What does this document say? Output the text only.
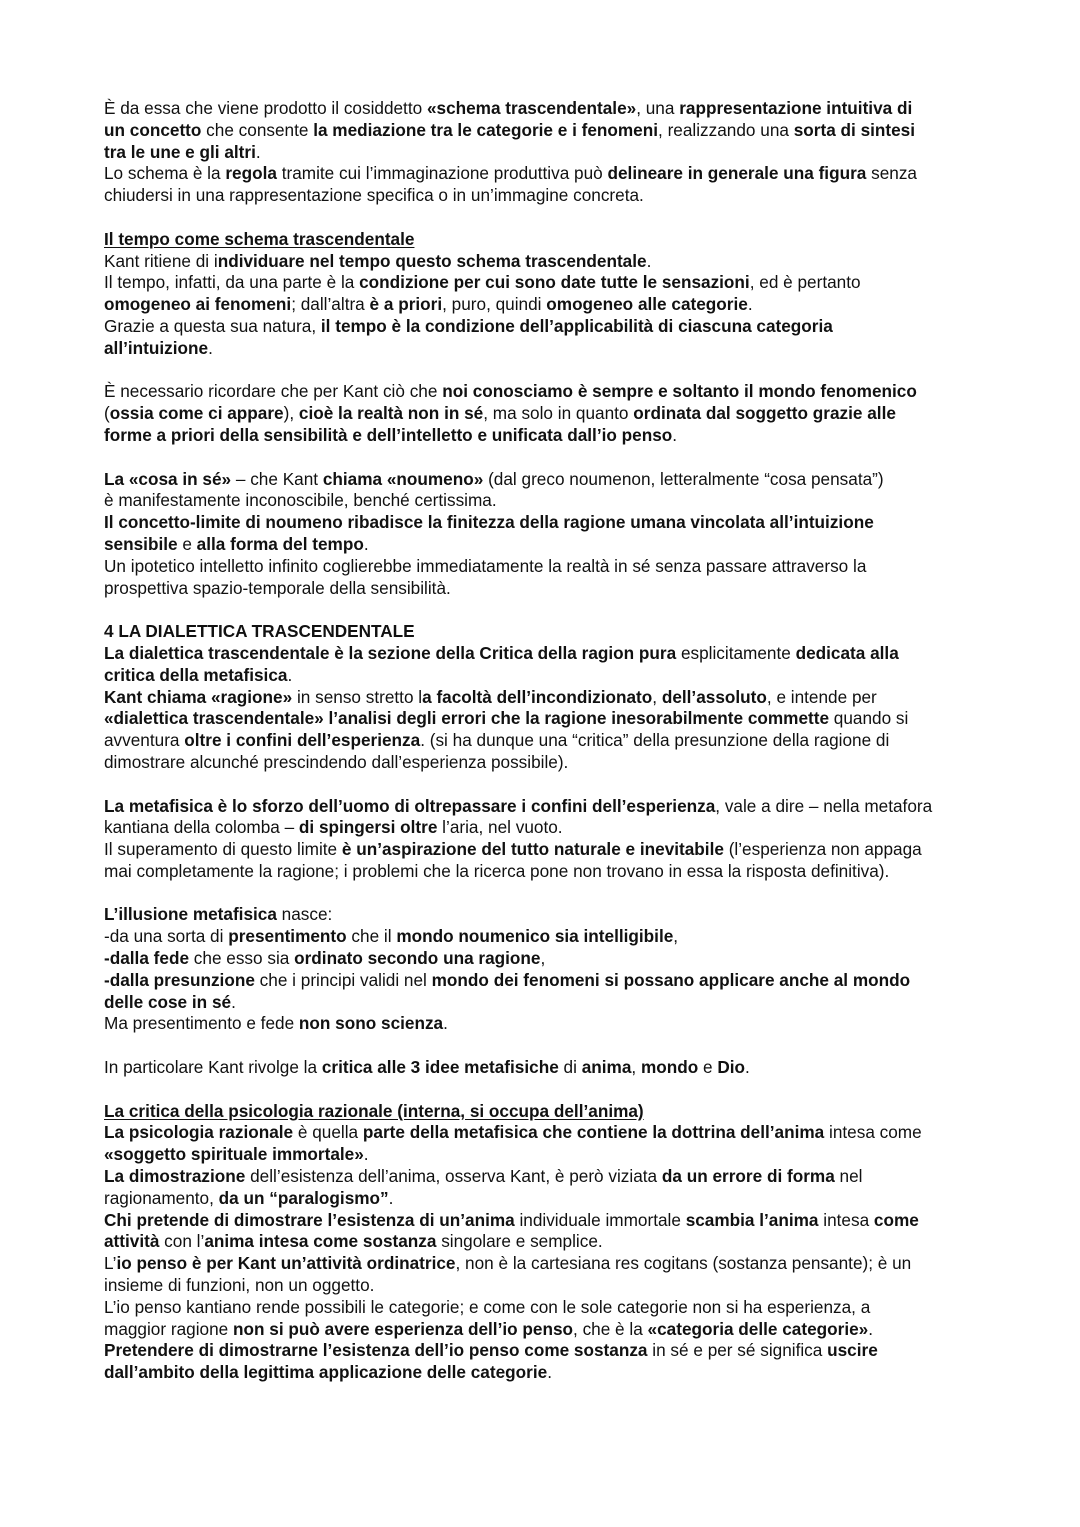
È da essa che viene prodotto il cosiddetto «schema trascendentale», una rappresentazione intuitiva di
un concetto che consente la mediazione tra le categorie e i fenomeni, realizzando una sorta di sintesi
tra le une e gli altri.
Lo schema è la regola tramite cui l’immaginazione produttiva può delineare in generale una figura senza
chiudersi in una rappresentazione specifica o in un’immagine concreta.
Il tempo come schema trascendentale
Kant ritiene di individuare nel tempo questo schema trascendentale.
Il tempo, infatti, da una parte è la condizione per cui sono date tutte le sensazioni, ed è pertanto
omogeneo ai fenomeni; dall’altra è a priori, puro, quindi omogeneo alle categorie.
Grazie a questa sua natura, il tempo è la condizione dell’applicabilità di ciascuna categoria
all’intuizione.
È necessario ricordare che per Kant ciò che noi conosciamo è sempre e soltanto il mondo fenomenico
(ossia come ci appare), cioè la realtà non in sé, ma solo in quanto ordinata dal soggetto grazie alle
forme a priori della sensibilità e dell’intelletto e unificata dall’io penso.
La «cosa in sé» – che Kant chiama «noumeno» (dal greco noumenon, letteralmente “cosa pensata”)
è manifestamente inconoscibile, benché certissima.
Il concetto-limite di noumeno ribadisce la finitezza della ragione umana vincolata all’intuizione
sensibile e alla forma del tempo.
Un ipotetico intelletto infinito coglierebbe immediatamente la realtà in sé senza passare attraverso la
prospettiva spazio-temporale della sensibilità.
4 LA DIALETTICA TRASCENDENTALE
La dialettica trascendentale è la sezione della Critica della ragion pura esplicitamente dedicata alla
critica della metafisica.
Kant chiama «ragione» in senso stretto la facoltà dell’incondizionato, dell’assoluto, e intende per
«dialettica trascendentale» l’analisi degli errori che la ragione inesorabilmente commette quando si
avventura oltre i confini dell’esperienza. (si ha dunque una “critica” della presunzione della ragione di
dimostrare alcunché prescindendo dall’esperienza possibile).
La metafisica è lo sforzo dell’uomo di oltrepassare i confini dell’esperienza, vale a dire – nella metafora
kantiana della colomba – di spingersi oltre l’aria, nel vuoto.
Il superamento di questo limite è un’aspirazione del tutto naturale e inevitabile (l’esperienza non appaga
mai completamente la ragione; i problemi che la ricerca pone non trovano in essa la risposta definitiva).
L’illusione metafisica nasce:
-da una sorta di presentimento che il mondo noumenico sia intelligibile,
-dalla fede che esso sia ordinato secondo una ragione,
-dalla presunzione che i principi validi nel mondo dei fenomeni si possano applicare anche al mondo
delle cose in sé.
Ma presentimento e fede non sono scienza.
In particolare Kant rivolge la critica alle 3 idee metafisiche di anima, mondo e Dio.
La critica della psicologia razionale (interna, si occupa dell’anima)
La psicologia razionale è quella parte della metafisica che contiene la dottrina dell’anima intesa come
«soggetto spirituale immortale».
La dimostrazione dell’esistenza dell’anima, osserva Kant, è però viziata da un errore di forma nel
ragionamento, da un “paralogismo”.
Chi pretende di dimostrare l’esistenza di un’anima individuale immortale scambia l’anima intesa come
attività con l’anima intesa come sostanza singolare e semplice.
L’io penso è per Kant un’attività ordinatrice, non è la cartesiana res cogitans (sostanza pensante); è un
insieme di funzioni, non un oggetto.
L’io penso kantiano rende possibili le categorie; e come con le sole categorie non si ha esperienza, a
maggior ragione non si può avere esperienza dell’io penso, che è la «categoria delle categorie».
Pretendere di dimostrarne l’esistenza dell’io penso come sostanza in sé e per sé significa uscire
dall’ambito della legittima applicazione delle categorie.
